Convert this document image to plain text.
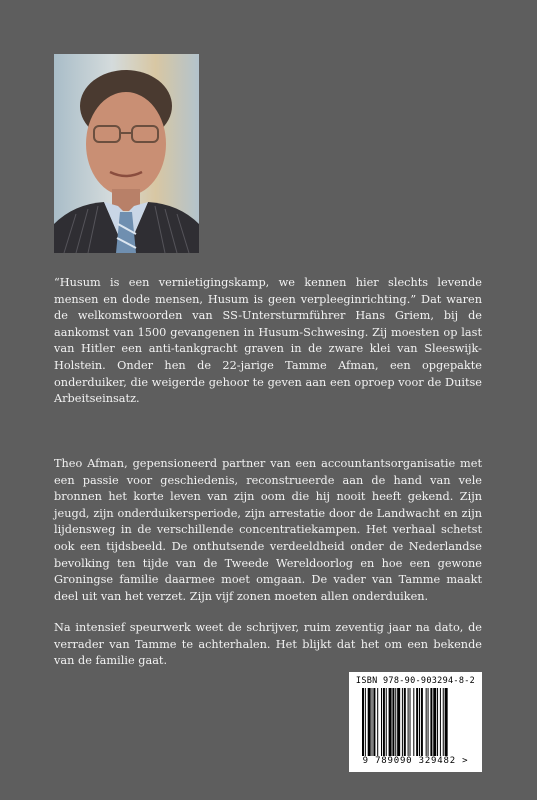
“Husum is een vernietigingskamp, we kennen hier slechts levende mensen en dode mensen, Husum is geen verpleeginrichting.” Dat waren de welkomstwoorden van SS-Untersturmführer Hans Griem, bij de aankomst van 1500 gevangenen in Husum-Schwesing. Zij moesten op last van Hitler een anti-tankgracht graven in de zware klei van Sleeswijk-Holstein. Onder hen de 22-jarige Tamme Afman, een opgepakte onderduiker, die weigerde gehoor te geven aan een oproep voor de Duitse Arbeitseinsatz.

Theo Afman, gepensioneerd partner van een accountantsorganisatie met een passie voor geschiedenis, reconstrueerde aan de hand van vele bronnen het korte leven van zijn oom die hij nooit heeft gekend. Zijn jeugd, zijn onderduikersperiode, zijn arrestatie door de Landwacht en zijn lijdensweg in de verschillende concentratiekampen. Het verhaal schetst ook een tijdsbeeld. De onthutsende verdeeldheid onder de Nederlandse bevolking ten tijde van de Tweede Wereldoorlog en hoe een gewone Groningse familie daarmee moet omgaan. De vader van Tamme maakt deel uit van het verzet. Zijn vijf zonen moeten allen onderduiken.

Na intensief speurwerk weet de schrijver, ruim zeventig jaar na dato, de verrader van Tamme te achterhalen. Het blijkt dat het om een bekende van de familie gaat.

ISBN 978-90-903294-8-2
9 789090 329482 >
